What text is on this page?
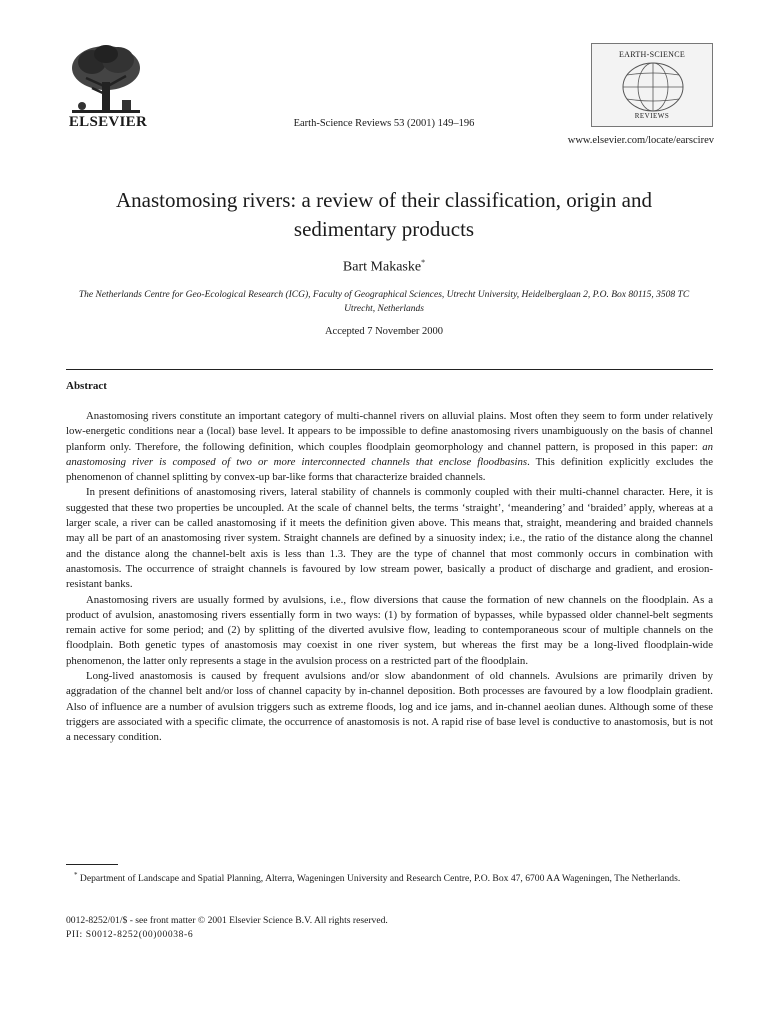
ELSEVIER	Earth-Science Reviews 53 (2001) 149–196
EARTH-SCIENCE
REVIEWS
www.elsevier.com/locate/earscirev
Anastomosing rivers: a review of their classification, origin and sedimentary products
Bart Makaske*
The Netherlands Centre for Geo-Ecological Research (ICG), Faculty of Geographical Sciences, Utrecht University, Heidelberglaan 2, P.O. Box 80115, 3508 TC Utrecht, Netherlands
Accepted 7 November 2000
Abstract

Anastomosing rivers constitute an important category of multi-channel rivers on alluvial plains. Most often they seem to form under relatively low-energetic conditions near a (local) base level. It appears to be impossible to define anastomosing rivers unambiguously on the basis of channel planform only. Therefore, the following definition, which couples floodplain geomorphology and channel pattern, is proposed in this paper: an anastomosing river is composed of two or more interconnected channels that enclose floodbasins. This definition explicitly excludes the phenomenon of channel splitting by convex-up bar-like forms that characterize braided channels.

In present definitions of anastomosing rivers, lateral stability of channels is commonly coupled with their multi-channel character. Here, it is suggested that these two properties be uncoupled. At the scale of channel belts, the terms ‘straight’, ‘meandering’ and ‘braided’ apply, whereas at a larger scale, a river can be called anastomosing if it meets the definition given above. This means that, straight, meandering and braided channels may all be part of an anastomosing river system. Straight channels are defined by a sinuosity index; i.e., the ratio of the distance along the channel and the distance along the channel-belt axis is less than 1.3. They are the type of channel that most commonly occurs in combination with anastomosis. The occurrence of straight channels is favoured by low stream power, basically a product of discharge and gradient, and erosion-resistant banks.

Anastomosing rivers are usually formed by avulsions, i.e., flow diversions that cause the formation of new channels on the floodplain. As a product of avulsion, anastomosing rivers essentially form in two ways: (1) by formation of bypasses, while bypassed older channel-belt segments remain active for some period; and (2) by splitting of the diverted avulsive flow, leading to contemporaneous scour of multiple channels on the floodplain. Both genetic types of anastomosis may coexist in one river system, but whereas the first may be a long-lived floodplain-wide phenomenon, the latter only represents a stage in the avulsion process on a restricted part of the floodplain.

Long-lived anastomosis is caused by frequent avulsions and/or slow abandonment of old channels. Avulsions are primarily driven by aggradation of the channel belt and/or loss of channel capacity by in-channel deposition. Both processes are favoured by a low floodplain gradient. Also of influence are a number of avulsion triggers such as extreme floods, log and ice jams, and in-channel aeolian dunes. Although some of these triggers are associated with a specific climate, the occurrence of anastomosis is not. A rapid rise of base level is conductive to anastomosis, but is not a necessary condition.

* Department of Landscape and Spatial Planning, Alterra, Wageningen University and Research Centre, P.O. Box 47, 6700 AA Wageningen, The Netherlands.
0012-8252/01/$ - see front matter © 2001 Elsevier Science B.V. All rights reserved.
PII: S0012-8252(00)00038-6
